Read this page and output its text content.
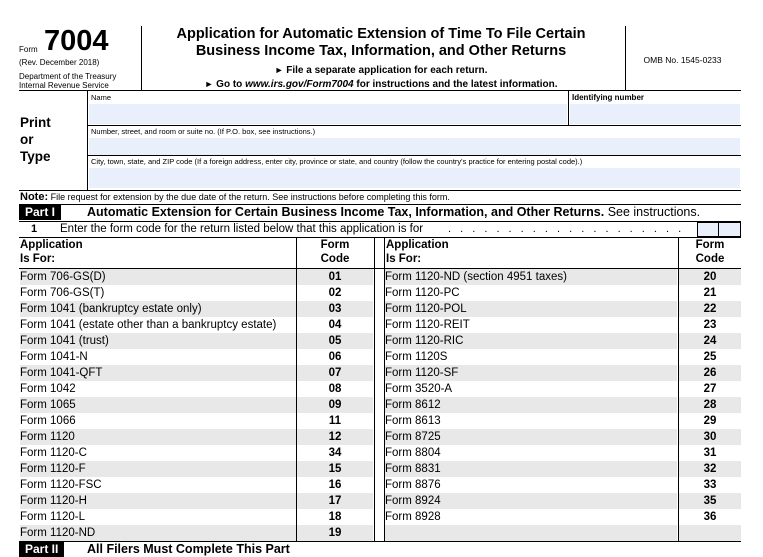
Form 7004
(Rev. December 2018)
Department of the Treasury
Internal Revenue Service
Application for Automatic Extension of Time To File Certain
Business Income Tax, Information, and Other Returns
► File a separate application for each return.
► Go to www.irs.gov/Form7004 for instructions and the latest information.
OMB No. 1545-0233
Print
or
Type
Name	Identifying number
Number, street, and room or suite no. (If P.O. box, see instructions.)
City, town, state, and ZIP code (If a foreign address, enter city, province or state, and country (follow the country's practice for entering postal code).)
Note: File request for extension by the due date of the return. See instructions before completing this form.
Part I	Automatic Extension for Certain Business Income Tax, Information, and Other Returns. See instructions.
1 Enter the form code for the return listed below that this application is for . . . . . . . . . . . . . . . . . . . .
Application
Is For:
Form
Code
Application
Is For:
Form
Code
Form 706-GS(D)	01	Form 1120-ND (section 4951 taxes)	20
Form 706-GS(T)	02	Form 1120-PC	21
Form 1041 (bankruptcy estate only)	03	Form 1120-POL	22
Form 1041 (estate other than a bankruptcy estate)	04	Form 1120-REIT	23
Form 1041 (trust)	05	Form 1120-RIC	24
Form 1041-N	06	Form 1120S	25
Form 1041-QFT	07	Form 1120-SF	26
Form 1042	08	Form 3520-A	27
Form 1065	09	Form 8612	28
Form 1066	11	Form 8613	29
Form 1120	12	Form 8725	30
Form 1120-C	34	Form 8804	31
Form 1120-F	15	Form 8831	32
Form 1120-FSC	16	Form 8876	33
Form 1120-H	17	Form 8924	35
Form 1120-L	18	Form 8928	36
Form 1120-ND	19
Part II	All Filers Must Complete This Part
